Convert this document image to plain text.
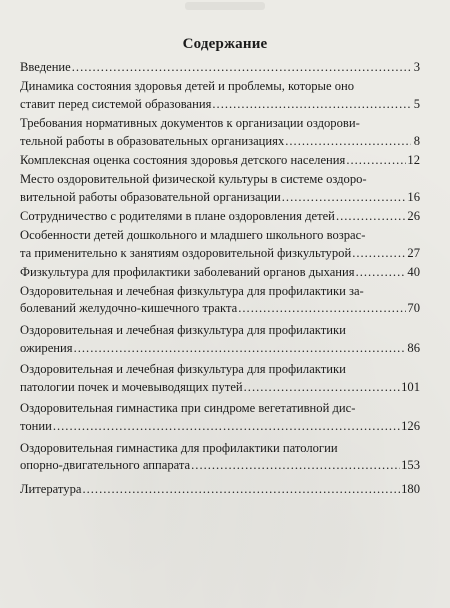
Содержание
Введение .....	3
Динамика состояния здоровья детей и проблемы, которые оно
ставит перед системой образования .....	5
Требования нормативных документов к организации оздорови-
тельной работы в образовательных организациях .....	8
Комплексная оценка состояния здоровья детского населения .....	12
Место оздоровительной физической культуры в системе оздоро-
вительной работы образовательной организации .....	16
Сотрудничество с родителями в плане оздоровления детей .....	26
Особенности детей дошкольного и младшего школьного возрас-
та применительно к занятиям оздоровительной физкультурой .....	27
Физкультура для профилактики заболеваний органов дыхания .....	40
Оздоровительная и лечебная физкультура для профилактики за-
болеваний желудочно-кишечного тракта .....	70
Оздоровительная и лечебная физкультура для профилактики
ожирения .....	86
Оздоровительная и лечебная физкультура для профилактики
патологии почек и мочевыводящих путей .....	101
Оздоровительная гимнастика при синдроме вегетативной дис-
тонии .....	126
Оздоровительная гимнастика для профилактики патологии
опорно-двигательного аппарата .....	153
Литература .....	180
